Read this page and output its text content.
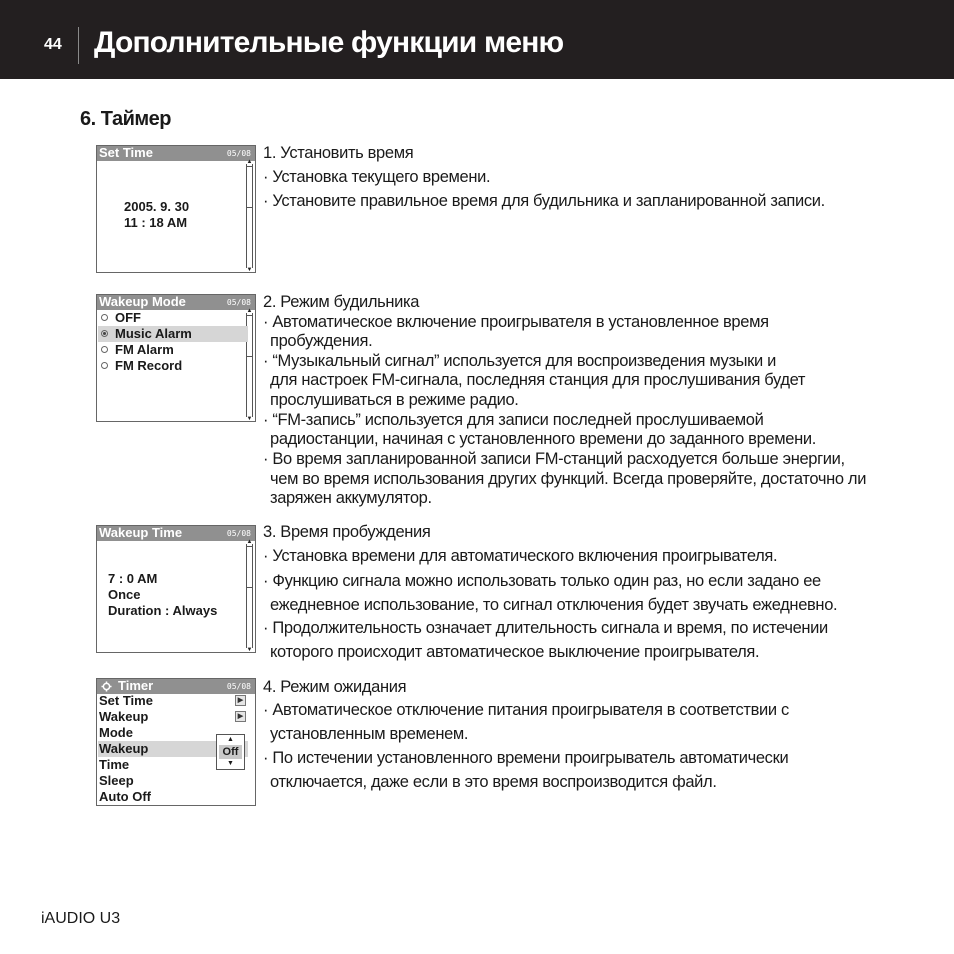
44 Дополнительные функции меню
6. Таймер
Set Time	05/08
▲
▼
2005. 9. 30
11 : 18 AM
Wakeup Mode	05/08
▲
▼
OFF
Music Alarm
FM Alarm
FM Record
Wakeup Time	05/08
▲
▼
7 : 0 AM
Once
Duration : Always
Timer	05/08
Set Time	▶
Wakeup	▶
Mode
Wakeup
Time
Sleep
Auto Off
▲
Off
▼
1. Установить время
· Установка текущего времени.
· Установите правильное время для будильника и запланированной записи.
2. Режим будильника
· Автоматическое включение проигрывателя в установленное время
пробуждения.
· “Музыкальный сигнал” используется для воспроизведения музыки и
для настроек FM-сигнала, последняя станция для прослушивания будет
прослушиваться в режиме радио.
· “FM-запись” используется для записи последней прослушиваемой
радиостанции, начиная с установленного времени до заданного времени.
· Во время запланированной записи FM-станций расходуется больше энергии,
чем во время использования других функций. Всегда проверяйте, достаточно ли
заряжен аккумулятор.
3. Время пробуждения
· Установка времени для автоматического включения проигрывателя.
· Функцию сигнала можно использовать только один раз, но если задано ее
ежедневное использование, то сигнал отключения будет звучать ежедневно.
· Продолжительность означает длительность сигнала и время, по истечении
которого происходит автоматическое выключение проигрывателя.
4. Режим ожидания
· Автоматическое отключение питания проигрывателя в соответствии с
установленным временем.
· По истечении установленного времени проигрыватель автоматически
отключается, даже если в это время воспроизводится файл.
iAUDIO U3
